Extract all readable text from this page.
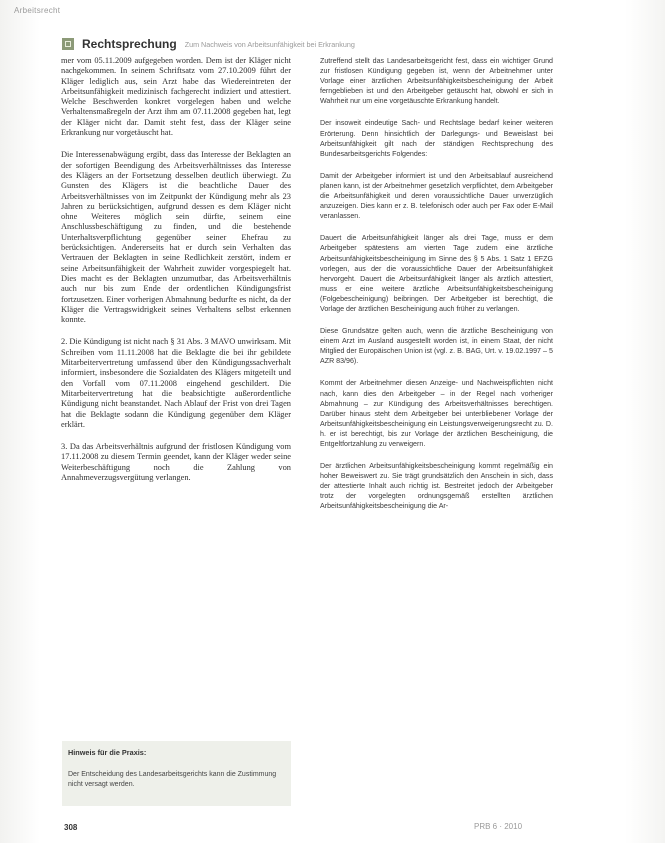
Arbeitsrecht
Rechtsprechung Zum Nachweis von Arbeitsunfähigkeit bei Erkrankung

mer vom 05.11.2009 aufgegeben worden. Dem ist der Kläger nicht nachgekommen. In seinem Schriftsatz vom 27.10.2009 führt der Kläger lediglich aus, sein Arzt habe das Wiedereintreten der Arbeitsunfähigkeit medizinisch fachgerecht indiziert und attestiert. Welche Beschwerden konkret vorgelegen haben und welche Verhaltensmaßregeln der Arzt ihm am 07.11.2008 gegeben hat, legt der Kläger nicht dar. Damit steht fest, dass der Kläger seine Erkrankung nur vorgetäuscht hat.

Die Interessenabwägung ergibt, dass das Interesse der Beklagten an der sofortigen Beendigung des Arbeitsverhältnisses das Interesse des Klägers an der Fortsetzung desselben deutlich überwiegt. Zu Gunsten des Klägers ist die beachtliche Dauer des Arbeitsverhältnisses von im Zeitpunkt der Kündigung mehr als 23 Jahren zu berücksichtigen, aufgrund dessen es dem Kläger nicht ohne Weiteres möglich sein dürfte, seinem eine Anschlussbeschäftigung zu finden, und die bestehende Unterhaltsverpflichtung gegenüber seiner Ehefrau zu berücksichtigen. Andererseits hat er durch sein Verhalten das Vertrauen der Beklagten in seine Redlichkeit zerstört, indem er seine Arbeitsunfähigkeit der Wahrheit zuwider vorgespiegelt hat. Dies macht es der Beklagten unzumutbar, das Arbeitsverhältnis auch nur bis zum Ende der ordentlichen Kündigungsfrist fortzusetzen. Einer vorherigen Abmahnung bedurfte es nicht, da der Kläger die Vertragswidrigkeit seines Verhaltens selbst erkennen konnte.

2. Die Kündigung ist nicht nach § 31 Abs. 3 MAVO unwirksam. Mit Schreiben vom 11.11.2008 hat die Beklagte die bei ihr gebildete Mitarbeitervertretung umfassend über den Kündigungssachverhalt informiert, insbesondere die Sozialdaten des Klägers mitgeteilt und den Vorfall vom 07.11.2008 eingehend geschildert. Die Mitarbeitervertretung hat die beabsichtigte außerordentliche Kündigung nicht beanstandet. Nach Ablauf der Frist von drei Tagen hat die Beklagte sodann die Kündigung gegenüber dem Kläger erklärt.

3. Da das Arbeitsverhältnis aufgrund der fristlosen Kündigung vom 17.11.2008 zu diesem Termin geendet, kann der Kläger weder seine Weiterbeschäftigung noch die Zahlung von Annahmeverzugsvergütung verlangen.

Hinweis für die Praxis:
Der Entscheidung des Landesarbeitsgerichts kann die Zustimmung nicht versagt werden.

Zutreffend stellt das Landesarbeitsgericht fest, dass ein wichtiger Grund zur fristlosen Kündigung gegeben ist, wenn der Arbeitnehmer unter Vorlage einer ärztlichen Arbeitsunfähigkeitsbescheinigung der Arbeit ferngeblieben ist und den Arbeitgeber getäuscht hat, obwohl er sich in Wahrheit nur um eine vorgetäuschte Erkrankung handelt.

Der insoweit eindeutige Sach- und Rechtslage bedarf keiner weiteren Erörterung. Denn hinsichtlich der Darlegungs- und Beweislast bei Arbeitsunfähigkeit gilt nach der ständigen Rechtsprechung des Bundesarbeitsgerichts Folgendes:

Damit der Arbeitgeber informiert ist und den Arbeitsablauf ausreichend planen kann, ist der Arbeitnehmer gesetzlich verpflichtet, dem Arbeitgeber die Arbeitsunfähigkeit und deren voraussichtliche Dauer unverzüglich anzuzeigen. Dies kann er z. B. telefonisch oder auch per Fax oder E-Mail veranlassen.

Dauert die Arbeitsunfähigkeit länger als drei Tage, muss er dem Arbeitgeber spätestens am vierten Tage zudem eine ärztliche Arbeitsunfähigkeitsbescheinigung im Sinne des § 5 Abs. 1 Satz 1 EFZG vorlegen, aus der die voraussichtliche Dauer der Arbeitsunfähigkeit hervorgeht. Dauert die Arbeitsunfähigkeit länger als ärztlich attestiert, muss er eine weitere ärztliche Arbeitsunfähigkeitsbescheinigung (Folgebescheinigung) beibringen. Der Arbeitgeber ist berechtigt, die Vorlage der ärztlichen Bescheinigung auch früher zu verlangen.

Diese Grundsätze gelten auch, wenn die ärztliche Bescheinigung von einem Arzt im Ausland ausgestellt worden ist, in einem Staat, der nicht Mitglied der Europäischen Union ist (vgl. z. B. BAG, Urt. v. 19.02.1997 – 5 AZR 83/96).

Kommt der Arbeitnehmer diesen Anzeige- und Nachweispflichten nicht nach, kann dies den Arbeitgeber – in der Regel nach vorheriger Abmahnung – zur Kündigung des Arbeitsverhältnisses berechtigen. Darüber hinaus steht dem Arbeitgeber bei unterbliebener Vorlage der Arbeitsunfähigkeitsbescheinigung ein Leistungsverweigerungsrecht zu. D. h. er ist berechtigt, bis zur Vorlage der ärztlichen Bescheinigung, die Entgeltfortzahlung zu verweigern.

Der ärztlichen Arbeitsunfähigkeitsbescheinigung kommt regelmäßig ein hoher Beweiswert zu. Sie trägt grundsätzlich den Anschein in sich, dass der attestierte Inhalt auch richtig ist. Bestreitet jedoch der Arbeitgeber trotz der vorgelegten ordnungsgemäß erstellten ärztlichen Arbeitsunfähigkeitsbescheinigung die Ar-

308	PRB 6 · 2010
